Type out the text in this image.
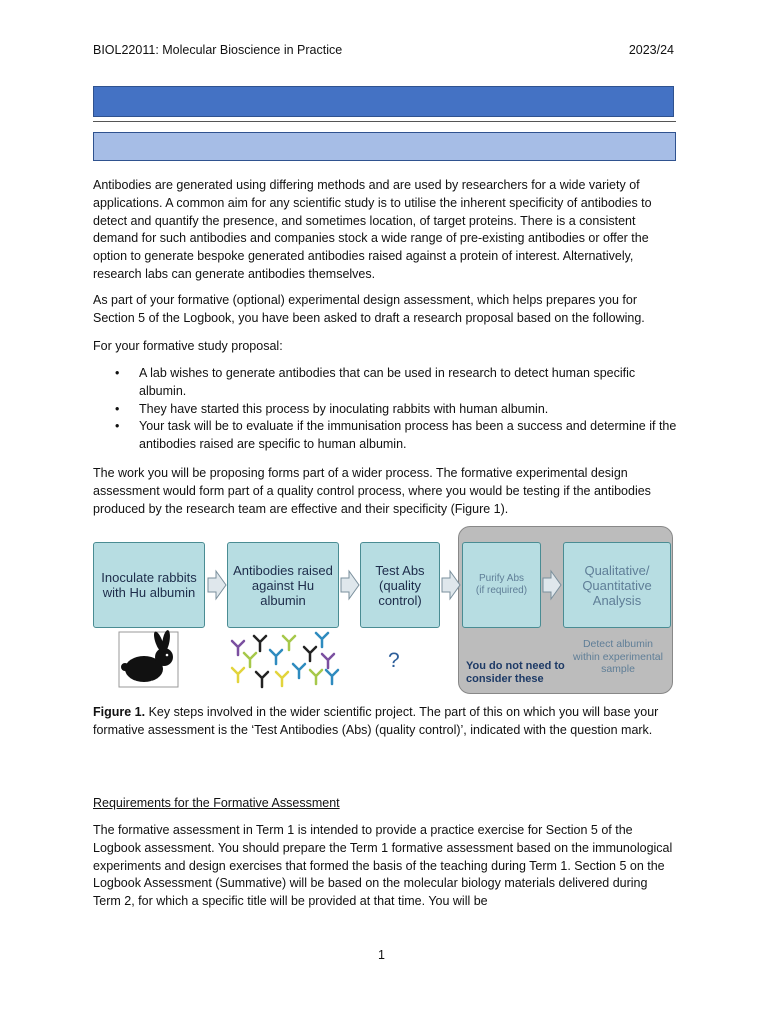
BIOL22011: Molecular Bioscience in Practice	2023/24

Antibodies are generated using differing methods and are used by researchers for a wide variety of applications. A common aim for any scientific study is to utilise the inherent specificity of antibodies to detect and quantify the presence, and sometimes location, of target proteins. There is a consistent demand for such antibodies and companies stock a wide range of pre-existing antibodies or offer the option to generate bespoke generated antibodies raised against a protein of interest. Alternatively, research labs can generate antibodies themselves.

As part of your formative (optional) experimental design assessment, which helps prepares you for Section 5 of the Logbook, you have been asked to draft a research proposal based on the following.

For your formative study proposal:

• A lab wishes to generate antibodies that can be used in research to detect human specific albumin.
• They have started this process by inoculating rabbits with human albumin.
• Your task will be to evaluate if the immunisation process has been a success and determine if the antibodies raised are specific to human albumin.

The work you will be proposing forms part of a wider process. The formative experimental design assessment would form part of a quality control process, where you would be testing if the antibodies produced by the research team are effective and their specificity (Figure 1).

Inoculate rabbits with Hu albumin
Antibodies raised against Hu albumin
Test Abs (quality control)
Purify Abs
(if required)
Qualitative/ Quantitative Analysis
?	You do not need to consider these
Detect albumin within experimental sample

Figure 1. Key steps involved in the wider scientific project. The part of this on which you will base your formative assessment is the ‘Test Antibodies (Abs) (quality control)’, indicated with the question mark.

Requirements for the Formative Assessment

The formative assessment in Term 1 is intended to provide a practice exercise for Section 5 of the Logbook assessment. You should prepare the Term 1 formative assessment based on the immunological experiments and design exercises that formed the basis of the teaching during Term 1. Section 5 on the Logbook Assessment (Summative) will be based on the molecular biology materials delivered during Term 2, for which a specific title will be provided at that time. You will be

1
